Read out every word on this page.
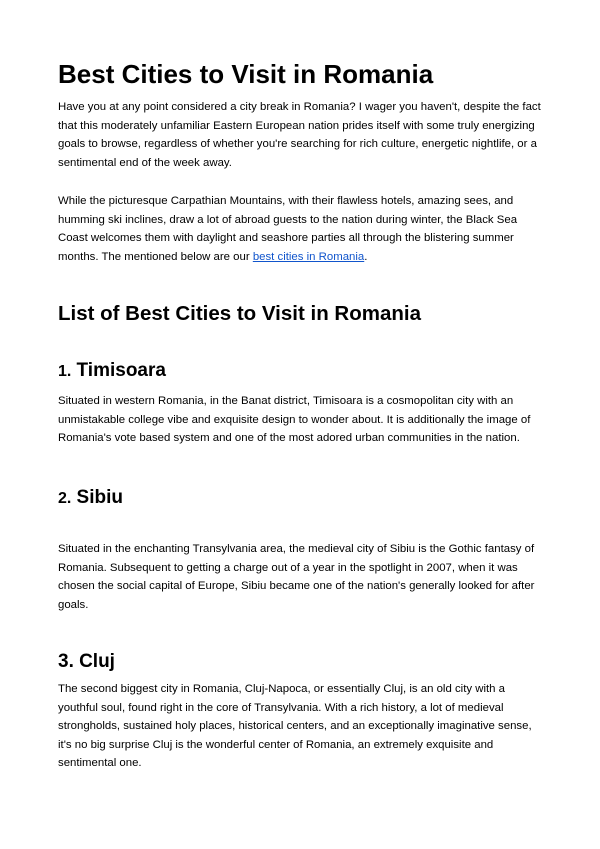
Best Cities to Visit in Romania

Have you at any point considered a city break in Romania? I wager you haven't, despite the fact that this moderately unfamiliar Eastern European nation prides itself with some truly energizing goals to browse, regardless of whether you're searching for rich culture, energetic nightlife, or a sentimental end of the week away.

While the picturesque Carpathian Mountains, with their flawless hotels, amazing sees, and humming ski inclines, draw a lot of abroad guests to the nation during winter, the Black Sea Coast welcomes them with daylight and seashore parties all through the blistering summer months. The mentioned below are our best cities in Romania.

List of Best Cities to Visit in Romania
1. Timisoara

Situated in western Romania, in the Banat district, Timisoara is a cosmopolitan city with an unmistakable college vibe and exquisite design to wonder about. It is additionally the image of Romania's vote based system and one of the most adored urban communities in the nation.

2. Sibiu

Situated in the enchanting Transylvania area, the medieval city of Sibiu is the Gothic fantasy of Romania. Subsequent to getting a charge out of a year in the spotlight in 2007, when it was chosen the social capital of Europe, Sibiu became one of the nation's generally looked for after goals.

3. Cluj

The second biggest city in Romania, Cluj-Napoca, or essentially Cluj, is an old city with a youthful soul, found right in the core of Transylvania. With a rich history, a lot of medieval strongholds, sustained holy places, historical centers, and an exceptionally imaginative sense, it's no big surprise Cluj is the wonderful center of Romania, an extremely exquisite and sentimental one.
